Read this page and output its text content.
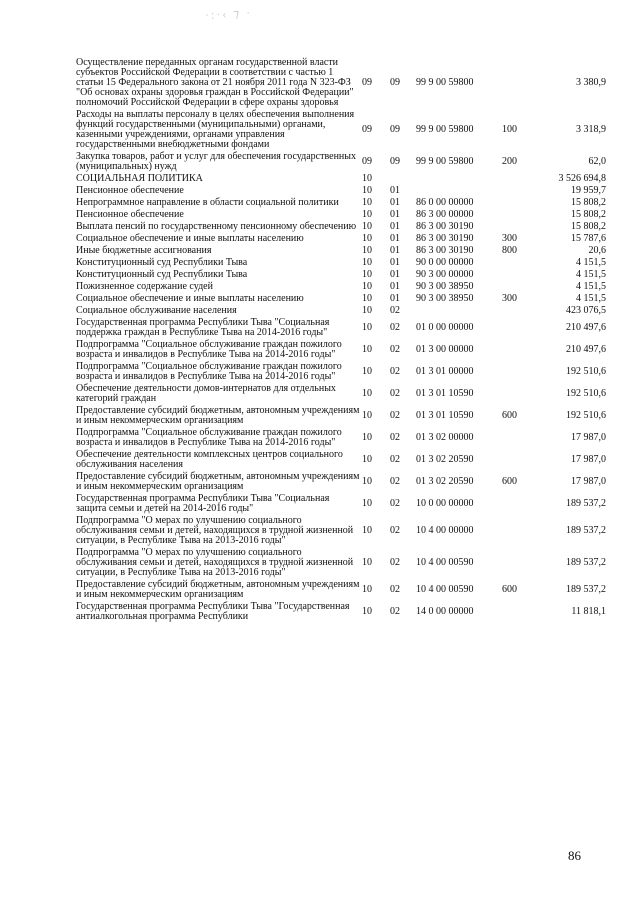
·:·‹ ⁊ ·
Осуществление переданных органам государственной власти субъектов Российской Федерации в соответствии с частью 1 статьи 15 Федерального закона от 21 ноября 2011 года N 323-ФЗ "Об основах охраны здоровья граждан в Российской Федерации" полномочий Российской Федерации в сфере охраны здоровья	09	09	99 9 00 59800		3 380,9
Расходы на выплаты персоналу в целях обеспечения выполнения функций государственными (муниципальными) органами, казенными учреждениями, органами управления государственными внебюджетными фондами	09	09	99 9 00 59800	100	3 318,9
Закупка товаров, работ и услуг для обеспечения государственных (муниципальных) нужд	09	09	99 9 00 59800	200	62,0
СОЦИАЛЬНАЯ ПОЛИТИКА	10				3 526 694,8
Пенсионное обеспечение	10	01			19 959,7
Непрограммное направление в области социальной политики	10	01	86 0 00 00000		15 808,2
Пенсионное обеспечение	10	01	86 3 00 00000		15 808,2
Выплата пенсий по государственному пенсионному обеспечению	10	01	86 3 00 30190		15 808,2
Социальное обеспечение и иные выплаты населению	10	01	86 3 00 30190	300	15 787,6
Иные бюджетные ассигнования	10	01	86 3 00 30190	800	20,6
Конституционный суд Республики Тыва	10	01	90 0 00 00000		4 151,5
Конституционный суд Республики Тыва	10	01	90 3 00 00000		4 151,5
Пожизненное содержание судей	10	01	90 3 00 38950		4 151,5
Социальное обеспечение и иные выплаты населению	10	01	90 3 00 38950	300	4 151,5
Социальное обслуживание населения	10	02			423 076,5
Государственная программа Республики Тыва "Социальная поддержка граждан в Республике Тыва на 2014-2016 годы"	10	02	01 0 00 00000		210 497,6
Подпрограмма "Социальное обслуживание граждан пожилого возраста и инвалидов в Республике Тыва на 2014-2016 годы"	10	02	01 3 00 00000		210 497,6
Подпрограмма "Социальное обслуживание граждан пожилого возраста и инвалидов в Республике Тыва на 2014-2016 годы"	10	02	01 3 01 00000		192 510,6
Обеспечение деятельности домов-интернатов для отдельных категорий граждан	10	02	01 3 01 10590		192 510,6
Предоставление субсидий бюджетным, автономным учреждениям и иным некоммерческим организациям	10	02	01 3 01 10590	600	192 510,6
Подпрограмма "Социальное обслуживание граждан пожилого возраста и инвалидов в Республике Тыва на 2014-2016 годы"	10	02	01 3 02 00000		17 987,0
Обеспечение деятельности комплексных центров социального обслуживания населения	10	02	01 3 02 20590		17 987,0
Предоставление субсидий бюджетным, автономным учреждениям и иным некоммерческим организациям	10	02	01 3 02 20590	600	17 987,0
Государственная программа Республики Тыва "Социальная защита семьи и детей на 2014-2016 годы"	10	02	10 0 00 00000		189 537,2
Подпрограмма "О мерах по улучшению социального обслуживания семьи и детей, находящихся в трудной жизненной ситуации, в Республике Тыва на 2013-2016 годы"	10	02	10 4 00 00000		189 537,2
Подпрограмма "О мерах по улучшению социального обслуживания семьи и детей, находящихся в трудной жизненной ситуации, в Республике Тыва на 2013-2016 годы"	10	02	10 4 00 00590		189 537,2
Предоставление субсидий бюджетным, автономным учреждениям и иным некоммерческим организациям	10	02	10 4 00 00590	600	189 537,2
Государственная программа Республики Тыва "Государственная антиалкогольная программа Республики	10	02	14 0 00 00000		11 818,1
86
